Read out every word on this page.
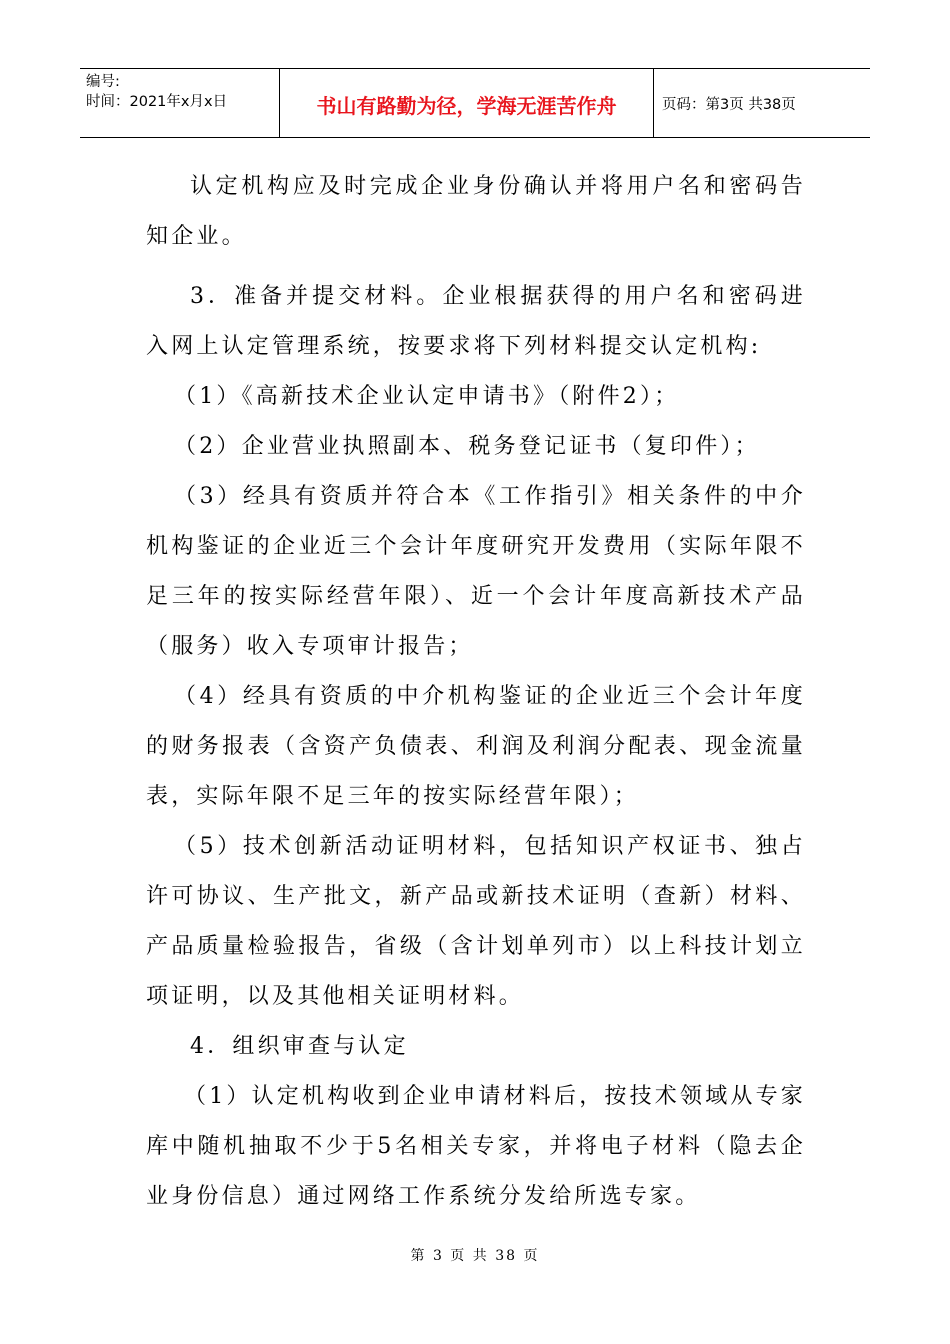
编号:
时间：2021年x月x日	书山有路勤为径，学海无涯苦作舟	页码：第3页 共38页

认定机构应及时完成企业身份确认并将用户名和密码告知企业。

3．准备并提交材料。企业根据获得的用户名和密码进入网上认定管理系统，按要求将下列材料提交认定机构:

（1）《高新技术企业认定申请书》（附件2）；

（2）企业营业执照副本、税务登记证书（复印件）；

（3）经具有资质并符合本《工作指引》相关条件的中介机构鉴证的企业近三个会计年度研究开发费用（实际年限不足三年的按实际经营年限）、近一个会计年度高新技术产品（服务）收入专项审计报告；

（4）经具有资质的中介机构鉴证的企业近三个会计年度的财务报表（含资产负债表、利润及利润分配表、现金流量表，实际年限不足三年的按实际经营年限）；

（5）技术创新活动证明材料，包括知识产权证书、独占许可协议、生产批文，新产品或新技术证明（查新）材料、产品质量检验报告，省级（含计划单列市）以上科技计划立项证明，以及其他相关证明材料。

4．组织审查与认定

（1）认定机构收到企业申请材料后，按技术领域从专家库中随机抽取不少于5名相关专家，并将电子材料（隐去企业身份信息）通过网络工作系统分发给所选专家。

第 3 页 共 38 页
